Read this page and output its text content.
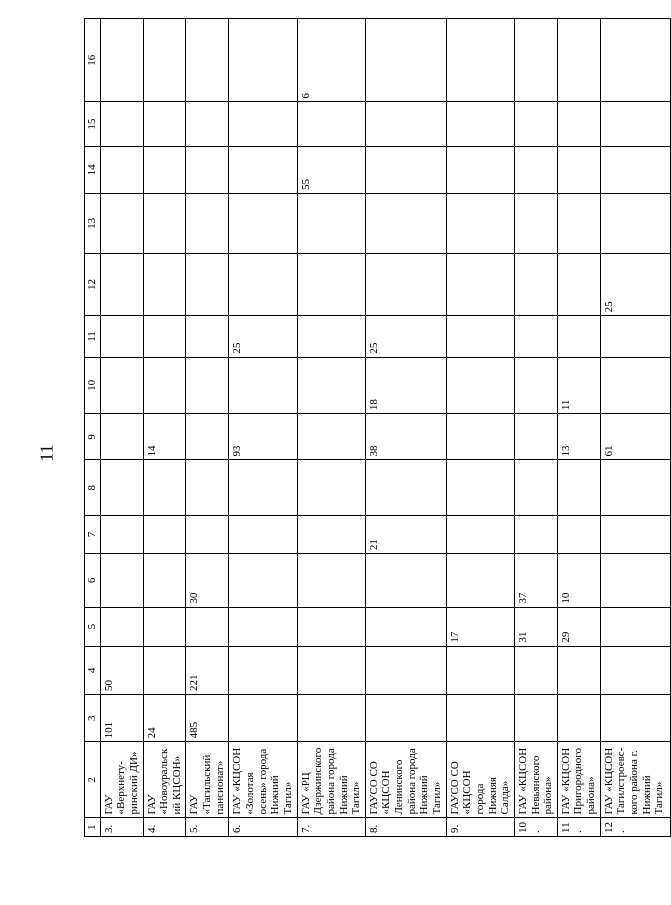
11
1	2	3	4	5	6	7	8	9	10	11	12	13	14	15	16
3.	ГАУ «Верхнету-ринский ДИ»	101	50												
4.	ГАУ «Новоуральский КЦСОН»	24						14							
5.	ГАУ «Тагильский пансионат»	485	221		30										
6.	ГАУ «КЦСОН «Золотая осень» города Нижний Тагил»							93		25					
7.	ГАУ «РЦ Дзержинского района города Нижний Тагил»												55		6
8.	ГАУСО СО «КЦСОН Ленинского района города Нижний Тагил»					21		38	18	25					
9.	ГАУСО СО «КЦСОН города Нижняя Салда»			17											
10.	ГАУ «КЦСОН Невьянского района»			31	37										
11.	ГАУ «КЦСОН Пригородного района»			29	10			13	11						
12.	ГАУ «КЦСОН Тагилстроевс-кого района г. Нижний Тагил»							61			25				
